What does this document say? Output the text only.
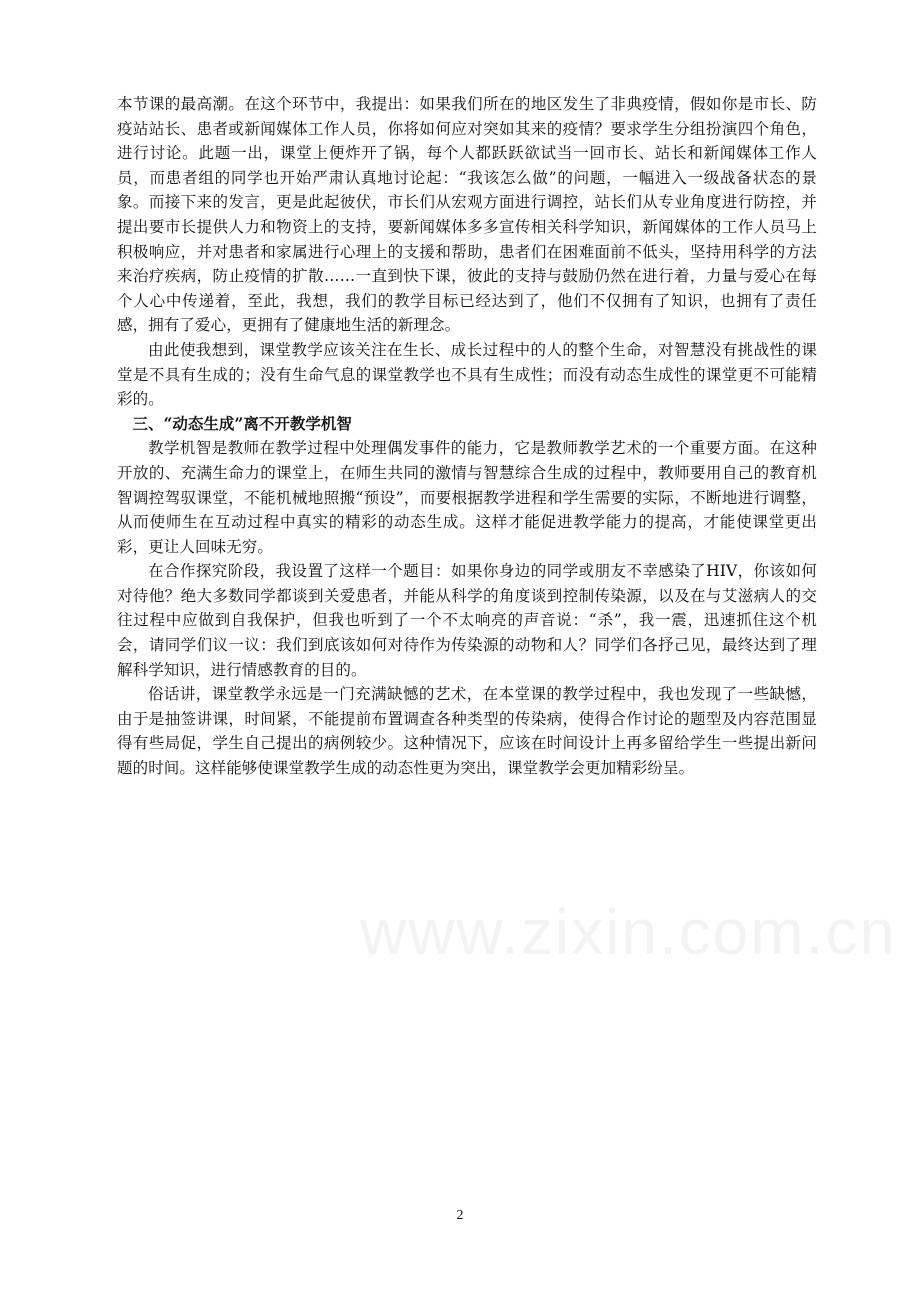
本节课的最高潮。在这个环节中，我提出：如果我们所在的地区发生了非典疫情，假如你是市长、防疫站站长、患者或新闻媒体工作人员，你将如何应对突如其来的疫情？要求学生分组扮演四个角色，进行讨论。此题一出，课堂上便炸开了锅，每个人都跃跃欲试当一回市长、站长和新闻媒体工作人员，而患者组的同学也开始严肃认真地讨论起：“我该怎么做”的问题，一幅进入一级战备状态的景象。而接下来的发言，更是此起彼伏，市长们从宏观方面进行调控，站长们从专业角度进行防控，并提出要市长提供人力和物资上的支持，要新闻媒体多多宣传相关科学知识，新闻媒体的工作人员马上积极响应，并对患者和家属进行心理上的支援和帮助，患者们在困难面前不低头，坚持用科学的方法来治疗疾病，防止疫情的扩散……一直到快下课，彼此的支持与鼓励仍然在进行着，力量与爱心在每个人心中传递着，至此，我想，我们的教学目标已经达到了，他们不仅拥有了知识，也拥有了责任感，拥有了爱心，更拥有了健康地生活的新理念。

由此使我想到，课堂教学应该关注在生长、成长过程中的人的整个生命，对智慧没有挑战性的课堂是不具有生成的；没有生命气息的课堂教学也不具有生成性；而没有动态生成性的课堂更不可能精彩的。

三、“动态生成”离不开教学机智

教学机智是教师在教学过程中处理偶发事件的能力，它是教师教学艺术的一个重要方面。在这种开放的、充满生命力的课堂上，在师生共同的激情与智慧综合生成的过程中，教师要用自己的教育机智调控驾驭课堂，不能机械地照搬“预设”，而要根据教学进程和学生需要的实际，不断地进行调整，从而使师生在互动过程中真实的精彩的动态生成。这样才能促进教学能力的提高，才能使课堂更出彩，更让人回味无穷。

在合作探究阶段，我设置了这样一个题目：如果你身边的同学或朋友不幸感染了HIV，你该如何对待他？绝大多数同学都谈到关爱患者，并能从科学的角度谈到控制传染源，以及在与艾滋病人的交往过程中应做到自我保护，但我也听到了一个不太响亮的声音说：“杀”，我一震，迅速抓住这个机会，请同学们议一议：我们到底该如何对待作为传染源的动物和人？同学们各抒己见，最终达到了理解科学知识，进行情感教育的目的。

俗话讲，课堂教学永远是一门充满缺憾的艺术，在本堂课的教学过程中，我也发现了一些缺憾，由于是抽签讲课，时间紧，不能提前布置调查各种类型的传染病，使得合作讨论的题型及内容范围显得有些局促，学生自己提出的病例较少。这种情况下，应该在时间设计上再多留给学生一些提出新问题的时间。这样能够使课堂教学生成的动态性更为突出，课堂教学会更加精彩纷呈。

www.zixin.com.cn
2
